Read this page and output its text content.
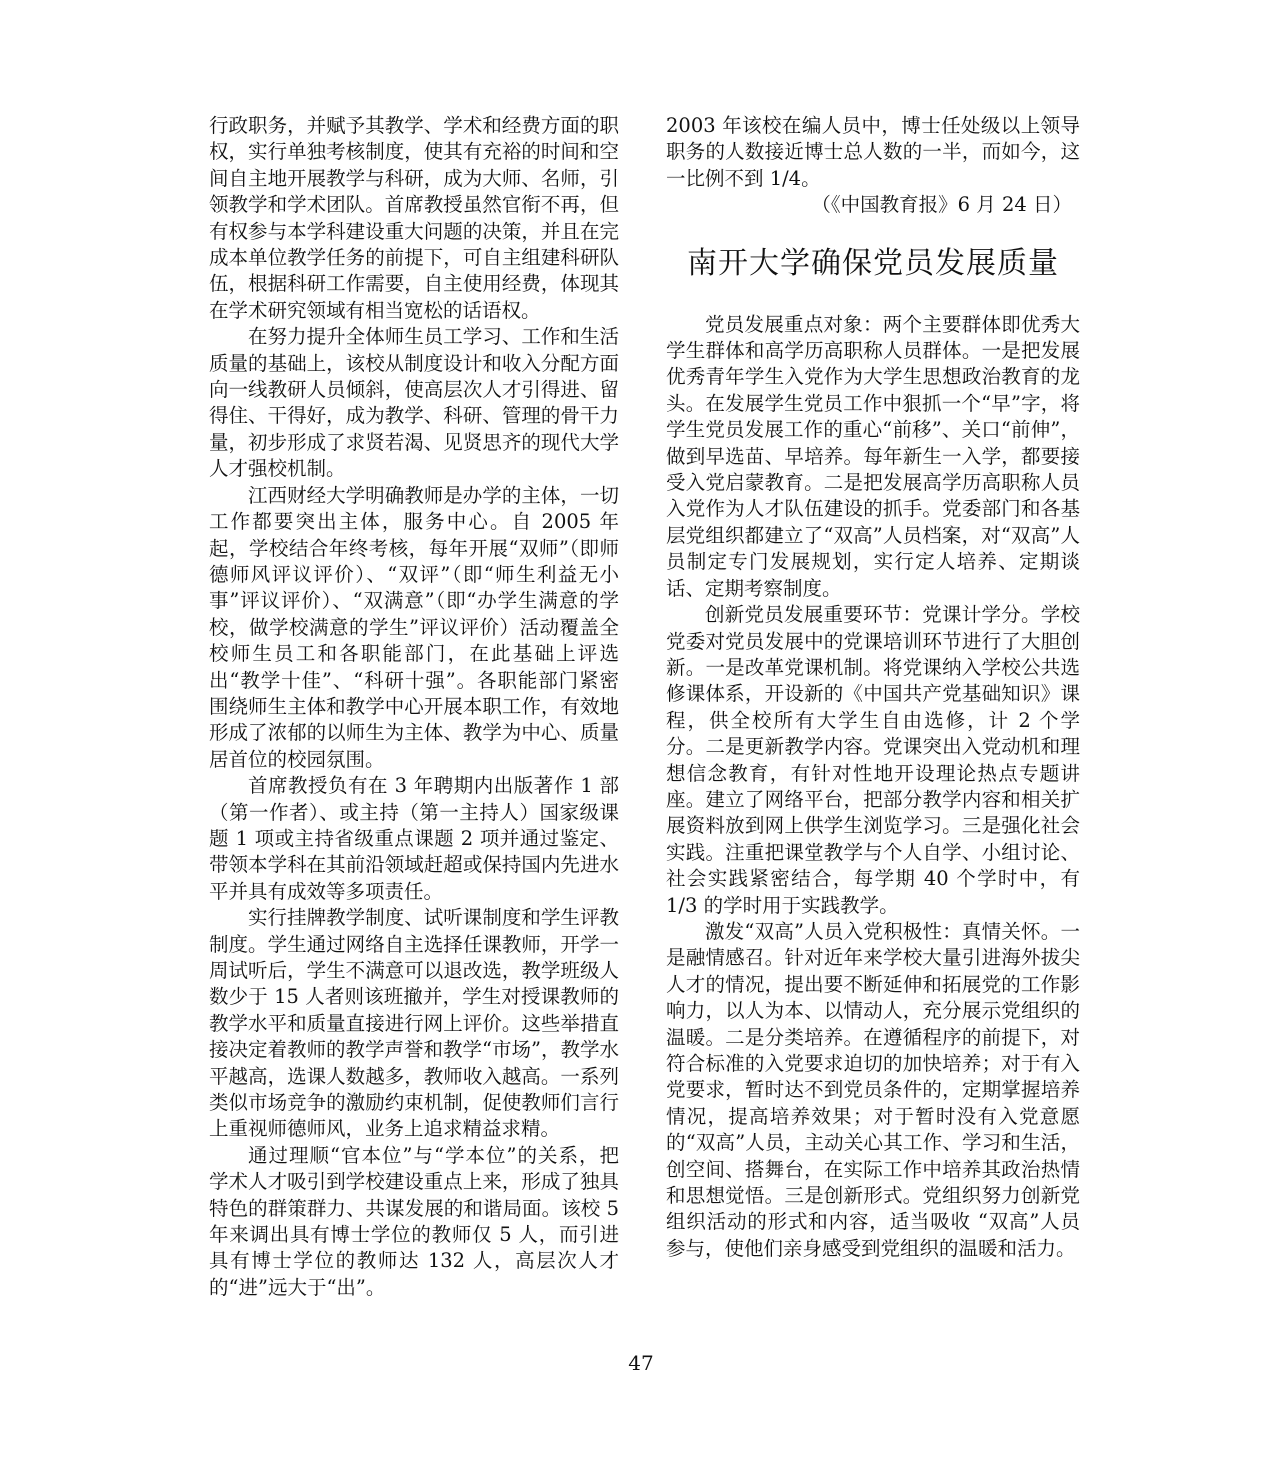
行政职务，并赋予其教学、学术和经费方面的职权，实行单独考核制度，使其有充裕的时间和空间自主地开展教学与科研，成为大师、名师，引领教学和学术团队。首席教授虽然官衔不再，但有权参与本学科建设重大问题的决策，并且在完成本单位教学任务的前提下，可自主组建科研队伍，根据科研工作需要，自主使用经费，体现其在学术研究领域有相当宽松的话语权。

在努力提升全体师生员工学习、工作和生活质量的基础上，该校从制度设计和收入分配方面向一线教研人员倾斜，使高层次人才引得进、留得住、干得好，成为教学、科研、管理的骨干力量，初步形成了求贤若渴、见贤思齐的现代大学人才强校机制。

江西财经大学明确教师是办学的主体，一切工作都要突出主体，服务中心。自 2005 年起，学校结合年终考核，每年开展“双师”（即师德师风评议评价）、“双评”（即“师生利益无小事”评议评价）、“双满意”（即“办学生满意的学校，做学校满意的学生”评议评价）活动覆盖全校师生员工和各职能部门，在此基础上评选出“教学十佳”、“科研十强”。各职能部门紧密围绕师生主体和教学中心开展本职工作，有效地形成了浓郁的以师生为主体、教学为中心、质量居首位的校园氛围。

首席教授负有在 3 年聘期内出版著作 1 部（第一作者）、或主持（第一主持人）国家级课题 1 项或主持省级重点课题 2 项并通过鉴定、带领本学科在其前沿领域赶超或保持国内先进水平并具有成效等多项责任。

实行挂牌教学制度、试听课制度和学生评教制度。学生通过网络自主选择任课教师，开学一周试听后，学生不满意可以退改选，教学班级人数少于 15 人者则该班撤并，学生对授课教师的教学水平和质量直接进行网上评价。这些举措直接决定着教师的教学声誉和教学“市场”，教学水平越高，选课人数越多，教师收入越高。一系列类似市场竞争的激励约束机制，促使教师们言行上重视师德师风，业务上追求精益求精。

通过理顺“官本位”与“学本位”的关系，把学术人才吸引到学校建设重点上来，形成了独具特色的群策群力、共谋发展的和谐局面。该校 5 年来调出具有博士学位的教师仅 5 人，而引进具有博士学位的教师达 132 人，高层次人才的“进”远大于“出”。

2003 年该校在编人员中，博士任处级以上领导职务的人数接近博士总人数的一半，而如今，这一比例不到 1/4。

（《中国教育报》6 月 24 日）

南开大学确保党员发展质量

党员发展重点对象：两个主要群体即优秀大学生群体和高学历高职称人员群体。一是把发展优秀青年学生入党作为大学生思想政治教育的龙头。在发展学生党员工作中狠抓一个“早”字，将学生党员发展工作的重心“前移”、关口“前伸”，做到早选苗、早培养。每年新生一入学，都要接受入党启蒙教育。二是把发展高学历高职称人员入党作为人才队伍建设的抓手。党委部门和各基层党组织都建立了“双高”人员档案，对“双高”人员制定专门发展规划，实行定人培养、定期谈话、定期考察制度。

创新党员发展重要环节：党课计学分。学校党委对党员发展中的党课培训环节进行了大胆创新。一是改革党课机制。将党课纳入学校公共选修课体系，开设新的《中国共产党基础知识》课程，供全校所有大学生自由选修，计 2 个学分。二是更新教学内容。党课突出入党动机和理想信念教育，有针对性地开设理论热点专题讲座。建立了网络平台，把部分教学内容和相关扩展资料放到网上供学生浏览学习。三是强化社会实践。注重把课堂教学与个人自学、小组讨论、社会实践紧密结合，每学期 40 个学时中，有 1/3 的学时用于实践教学。

激发“双高”人员入党积极性：真情关怀。一是融情感召。针对近年来学校大量引进海外拔尖人才的情况，提出要不断延伸和拓展党的工作影响力，以人为本、以情动人，充分展示党组织的温暖。二是分类培养。在遵循程序的前提下，对符合标准的入党要求迫切的加快培养；对于有入党要求，暂时达不到党员条件的，定期掌握培养情况，提高培养效果；对于暂时没有入党意愿的“双高”人员，主动关心其工作、学习和生活，创空间、搭舞台，在实际工作中培养其政治热情和思想觉悟。三是创新形式。党组织努力创新党组织活动的形式和内容，适当吸收 “双高”人员参与，使他们亲身感受到党组织的温暖和活力。

47
